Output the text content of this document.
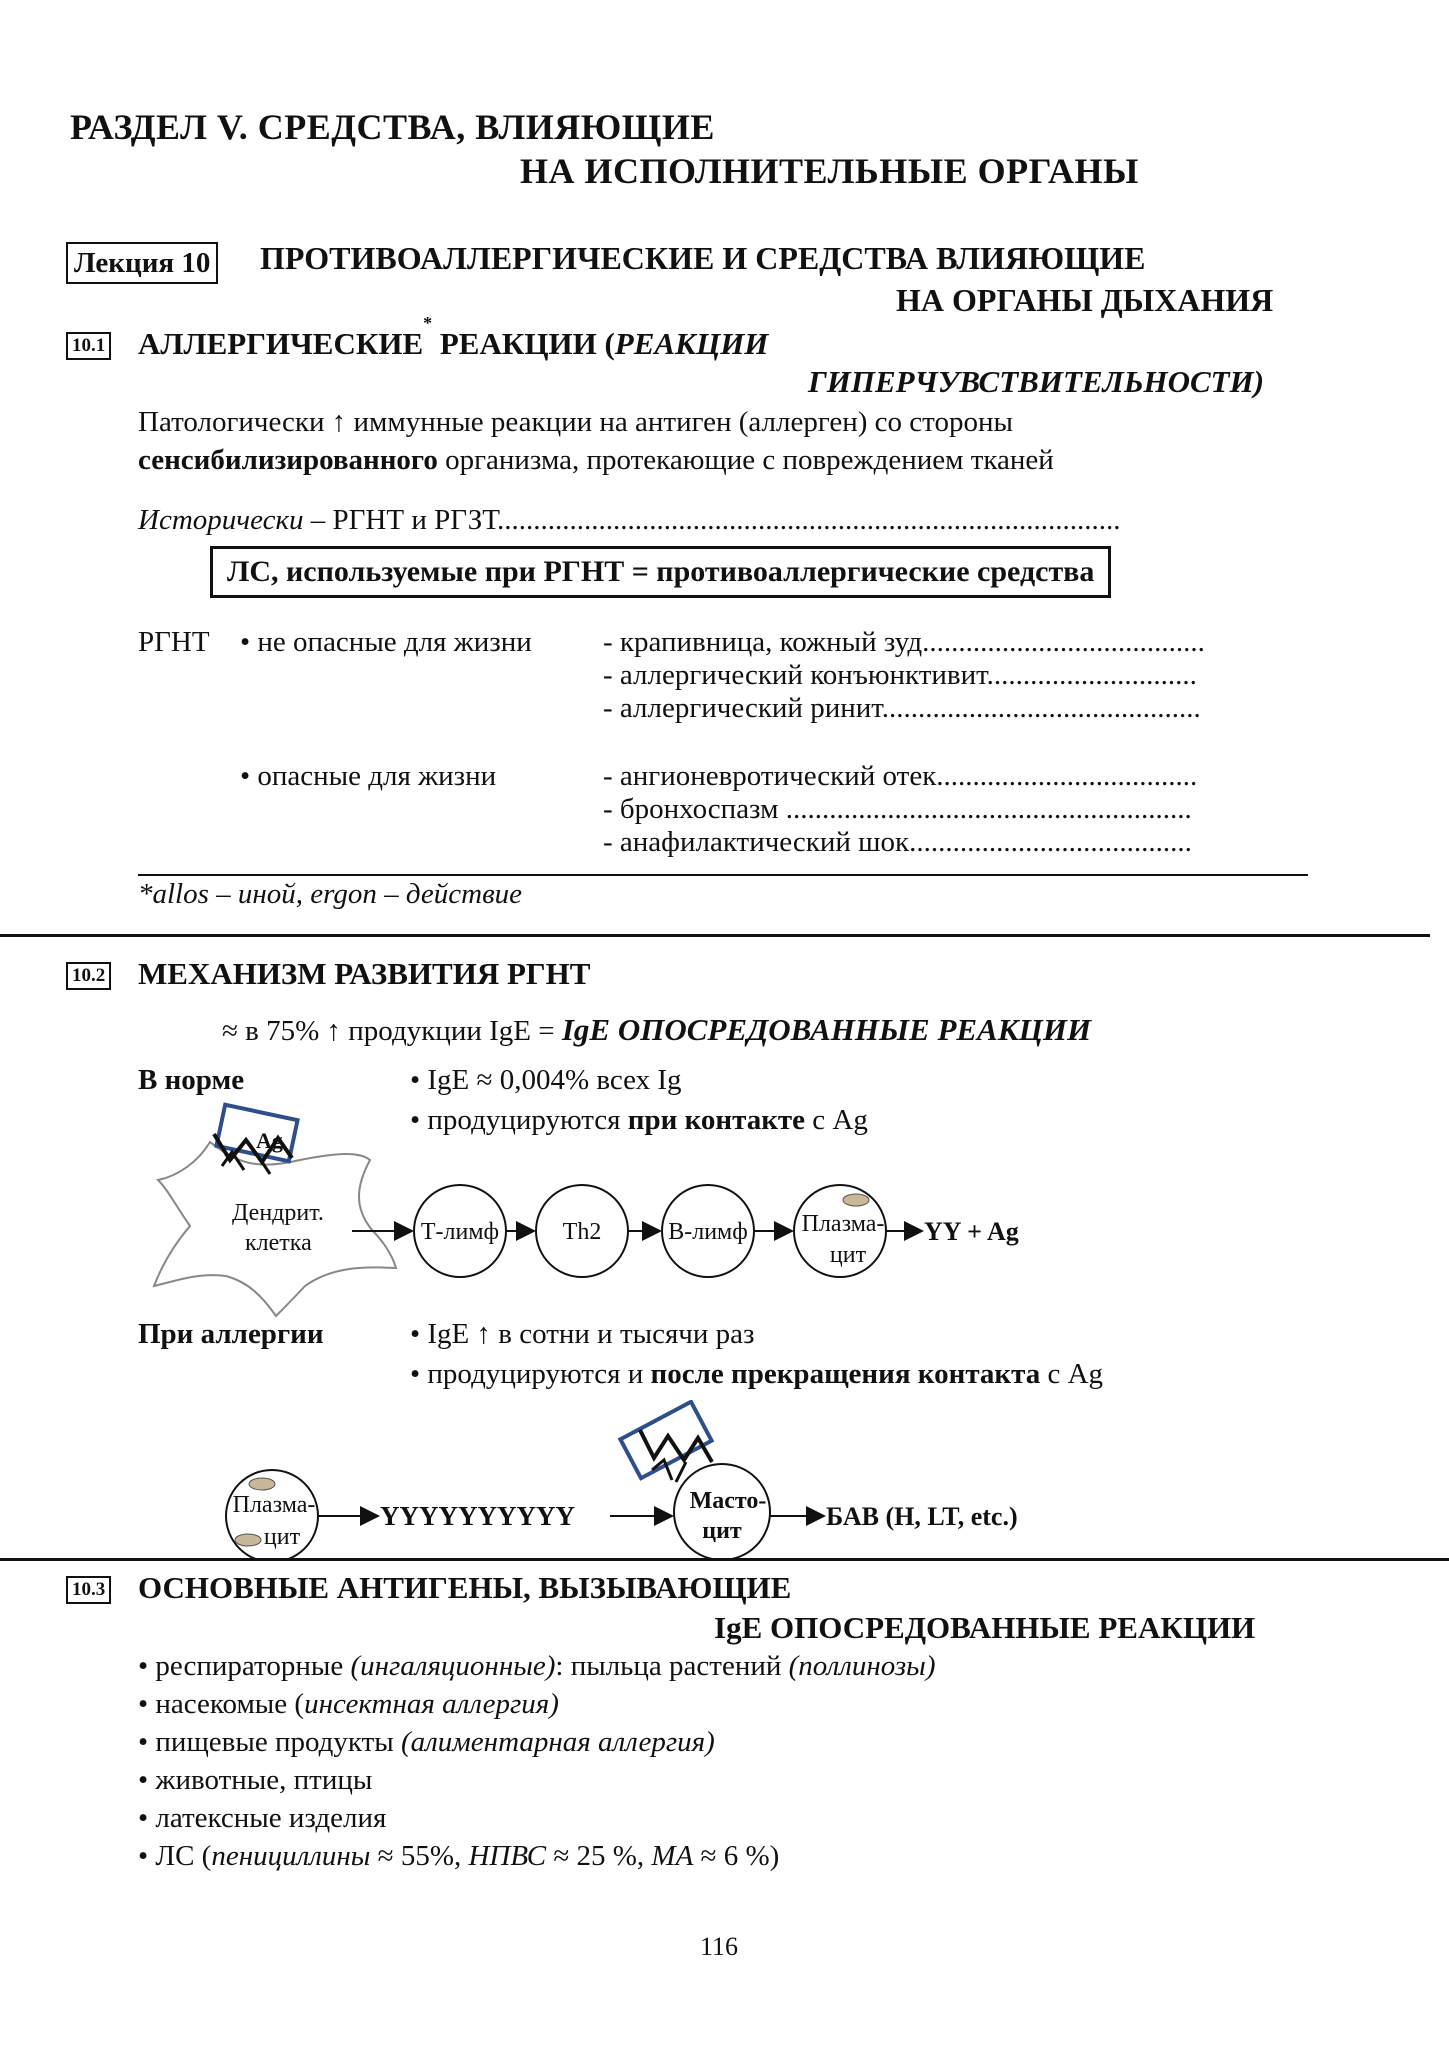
РАЗДЕЛ V. СРЕДСТВА, ВЛИЯЮЩИЕ
НА ИСПОЛНИТЕЛЬНЫЕ ОРГАНЫ
Лекция 10 ПРОТИВОАЛЛЕРГИЧЕСКИЕ И СРЕДСТВА ВЛИЯЮЩИЕ
НА ОРГАНЫ ДЫХАНИЯ
10.1 АЛЛЕРГИЧЕСКИЕ* РЕАКЦИИ (РЕАКЦИИ
ГИПЕРЧУВСТВИТЕЛЬНОСТИ)
Патологически ↑ иммунные реакции на антиген (аллерген) со стороны
сенсибилизированного организма, протекающие с повреждением тканей
Исторически – РГНТ и РГЗТ......................................................................................
ЛС, используемые при РГНТ = противоаллергические средства
РГНТ • не опасные для жизни - крапивница, кожный зуд.......................................
- аллергический конъюнктивит.............................
- аллергический ринит............................................
• опасные для жизни	- ангионевротический отек....................................
- бронхоспазм ........................................................
- анафилактический шок.......................................
*allos – иной, ergon – действие
10.2 МЕХАНИЗМ РАЗВИТИЯ РГНТ
≈ в 75% ↑ продукции IgE = IgE ОПОСРЕДОВАННЫЕ РЕАКЦИИ
В норме	• IgE ≈ 0,004% всех Ig
• продуцируются при контакте с Ag
Ag
Дендрит.
клетка	Т-лимф	Th2	В-лимф Плазма-
цит
YY + Ag
При аллергии	• IgE ↑ в сотни и тысячи раз
• продуцируются и после прекращения контакта с Ag
Плазма-
цит
YYYYYYYYYY	Масто-
цит	БАВ (H, LT, etc.)
10.3 ОСНОВНЫЕ АНТИГЕНЫ, ВЫЗЫВАЮЩИЕ
IgE ОПОСРЕДОВАННЫЕ РЕАКЦИИ
• респираторные (ингаляционные): пыльца растений (поллинозы)
• насекомые (инсектная аллергия)
• пищевые продукты (алиментарная аллергия)
• животные, птицы
• латексные изделия
• ЛС (пенициллины ≈ 55%, НПВС ≈ 25 %, МА ≈ 6 %)
116
